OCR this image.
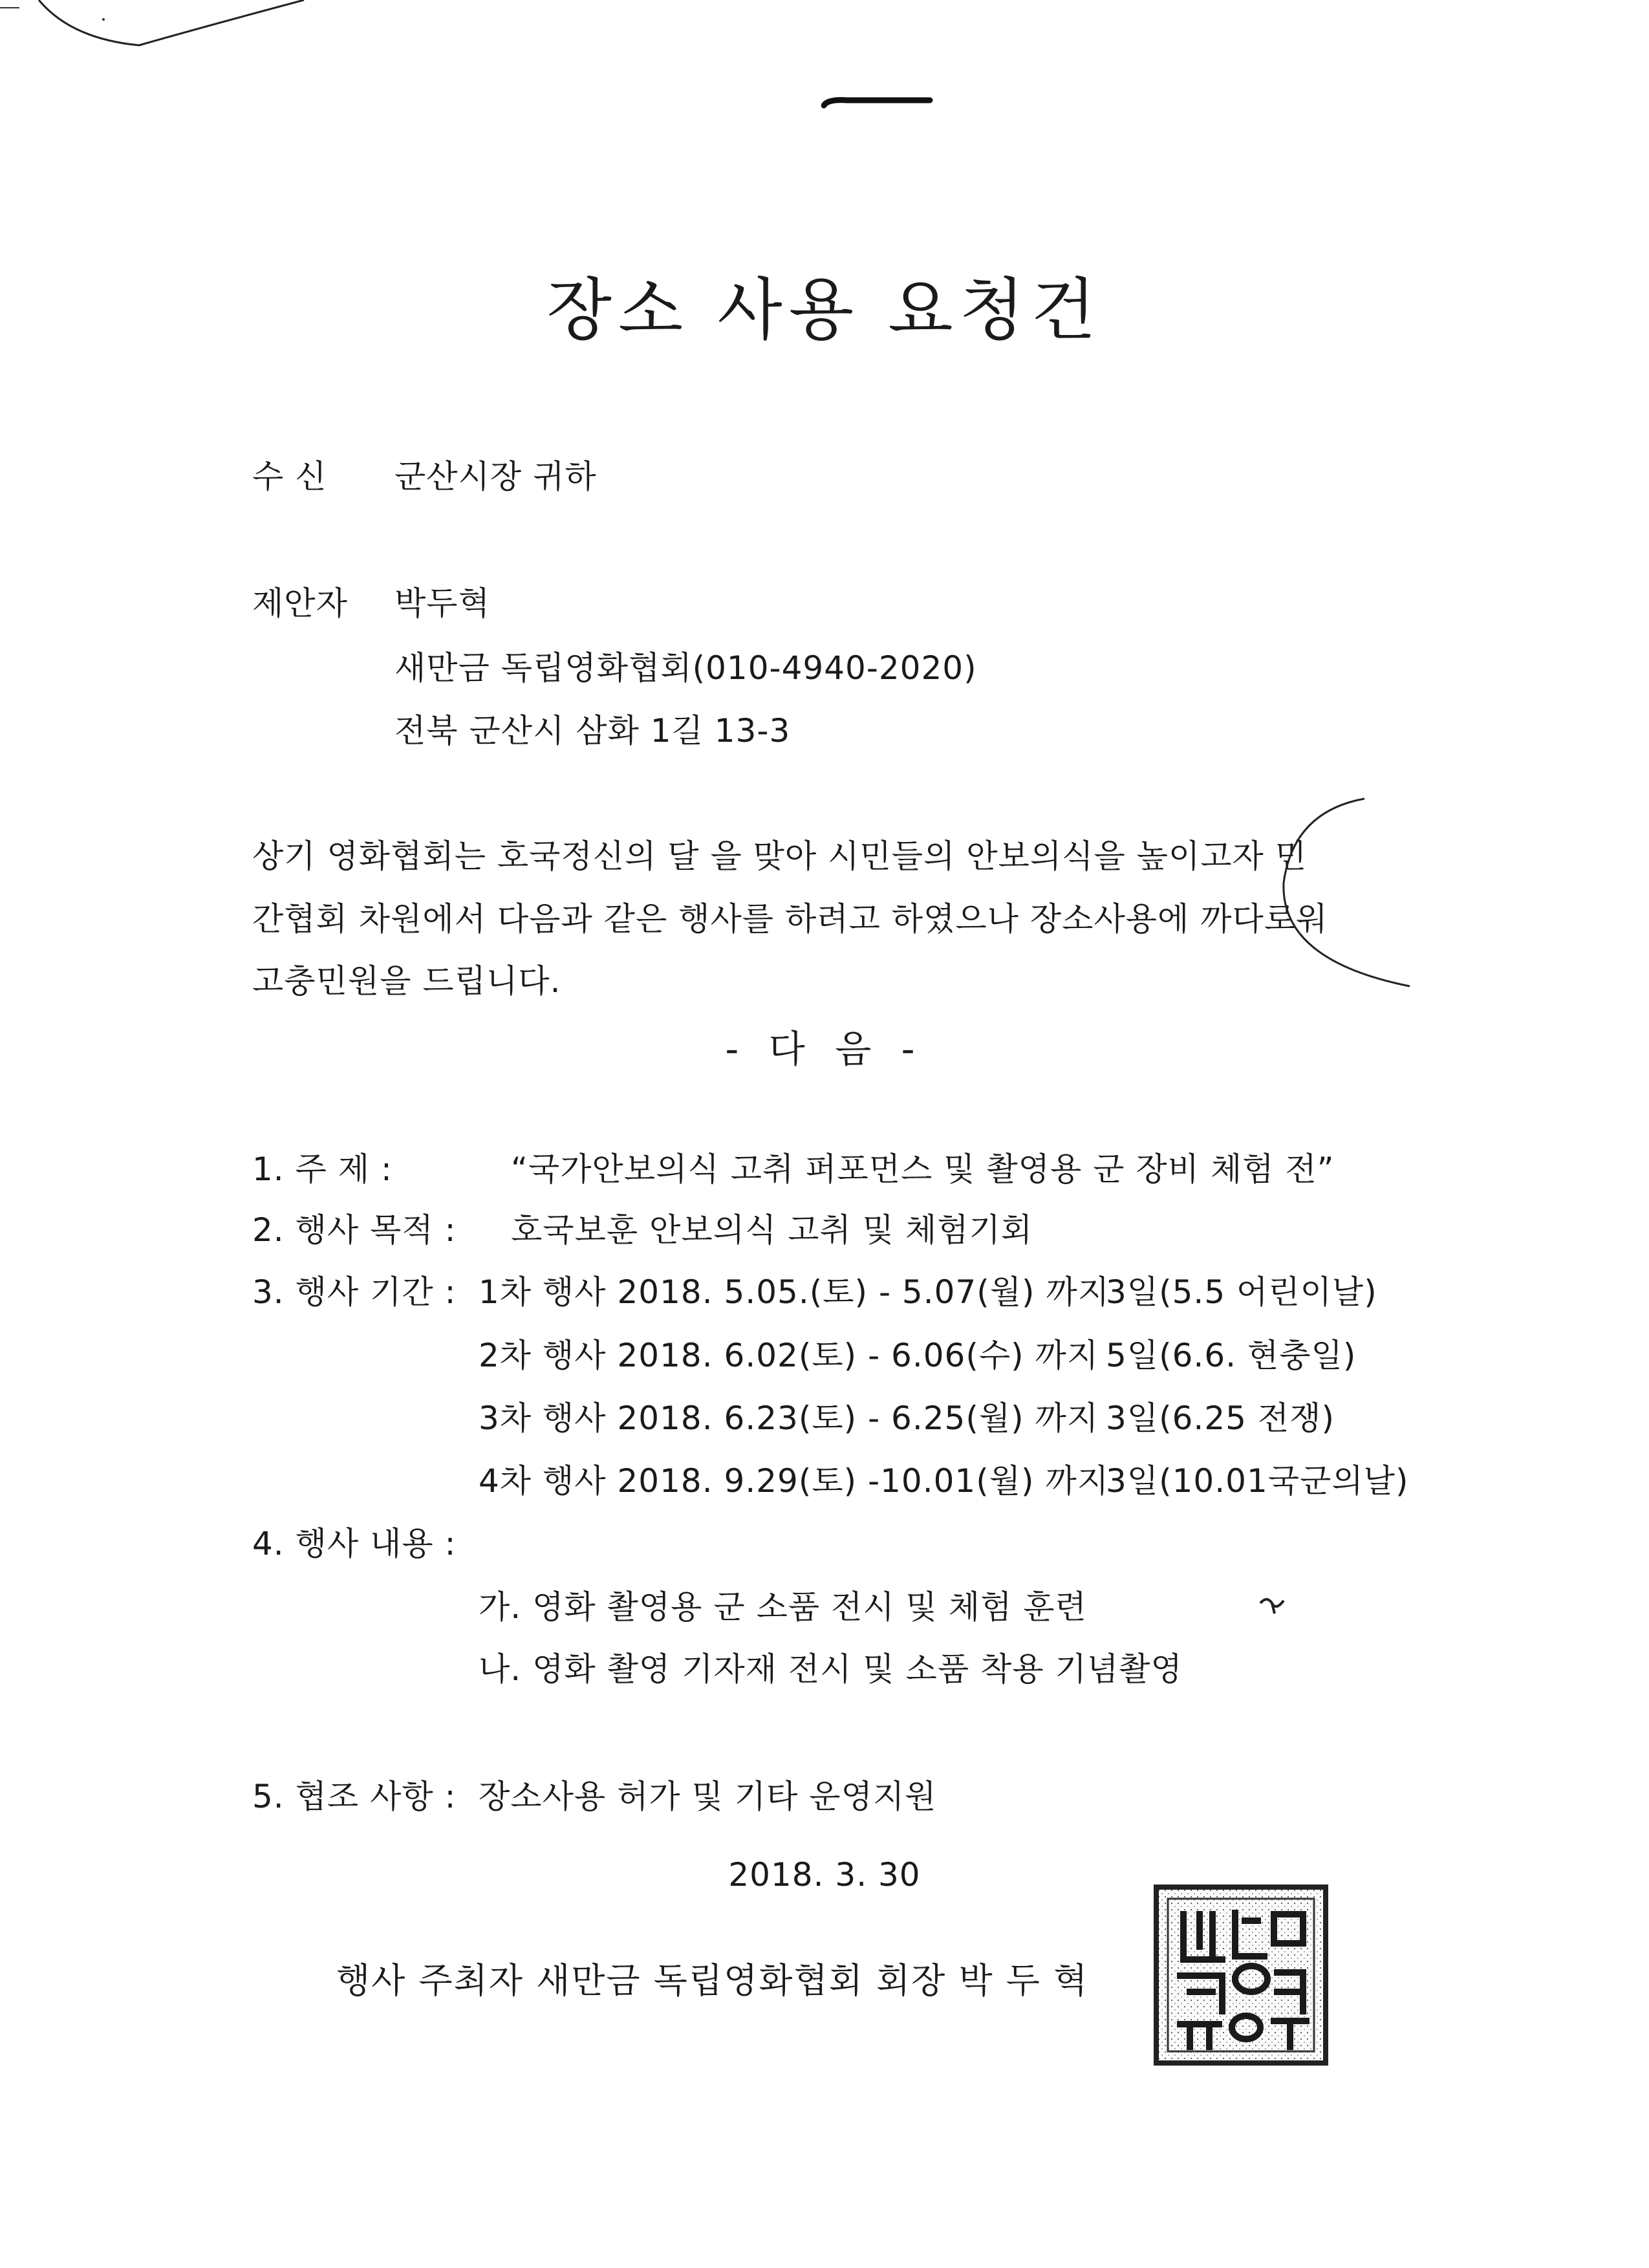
장소 사용 요청건
수 신 군산시장 귀하
제안자 박두혁
새만금 독립영화협회(010-4940-2020)
전북 군산시 삼화 1길 13-3
상기 영화협회는 호국정신의 달 을 맞아 시민들의 안보의식을 높이고자 민
간협회 차원에서 다음과 같은 행사를 하려고 하였으나 장소사용에 까다로워
고충민원을 드립니다.
- 다 음 -
1. 주 제 :	“국가안보의식 고취 퍼포먼스 및 촬영용 군 장비 체험 전”
2. 행사 목적 : 호국보훈 안보의식 고취 및 체험기회
3. 행사 기간 : 1차 행사 2018. 5.05.(토) - 5.07(월) 까지
3일(5.5 어린이날)
2차 행사 2018. 6.02(토) - 6.06(수) 까지 5일(6.6. 현충일)
3차 행사 2018. 6.23(토) - 6.25(월) 까지 3일(6.25 전쟁)
4차 행사 2018. 9.29(토) -10.01(월) 까지
3일(10.01국군의날)
4. 행사 내용 :
가. 영화 촬영용 군 소품 전시 및 체험 훈련
나. 영화 촬영 기자재 전시 및 소품 착용 기념촬영
5. 협조 사항 : 장소사용 허가 및 기타 운영지원
2018. 3. 30
행사 주최자 새만금 독립영화협회 회장 박 두 혁
